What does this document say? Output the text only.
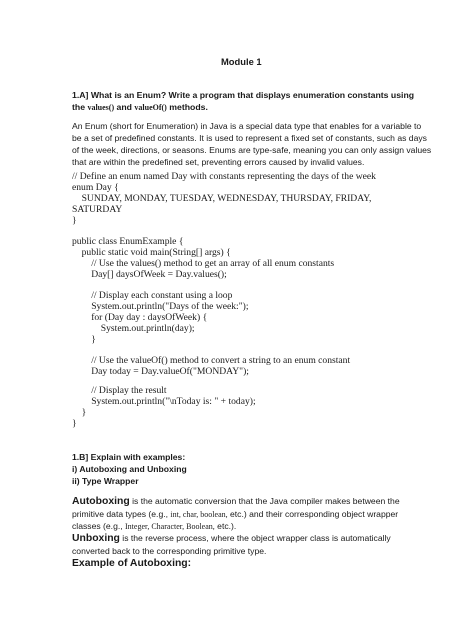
Module 1
1.A] What is an Enum? Write a program that displays enumeration constants using
the values() and valueOf() methods.
An Enum (short for Enumeration) in Java is a special data type that enables for a variable to
be a set of predefined constants. It is used to represent a fixed set of constants, such as days
of the week, directions, or seasons. Enums are type-safe, meaning you can only assign values
that are within the predefined set, preventing errors caused by invalid values.
// Define an enum named Day with constants representing the days of the week
enum Day {
SUNDAY, MONDAY, TUESDAY, WEDNESDAY, THURSDAY, FRIDAY,
SATURDAY
}
public class EnumExample {
public static void main(String[] args) {
// Use the values() method to get an array of all enum constants
Day[] daysOfWeek = Day.values();
// Display each constant using a loop
System.out.println("Days of the week:");
for (Day day : daysOfWeek) {
System.out.println(day);
}
// Use the valueOf() method to convert a string to an enum constant
Day today = Day.valueOf("MONDAY");
// Display the result
System.out.println("\nToday is: " + today);
}
}
1.B] Explain with examples:
i) Autoboxing and Unboxing
ii) Type Wrapper
Autoboxing is the automatic conversion that the Java compiler makes between the
primitive data types (e.g., int, char, boolean, etc.) and their corresponding object wrapper
classes (e.g., Integer, Character, Boolean, etc.).
Unboxing is the reverse process, where the object wrapper class is automatically
converted back to the corresponding primitive type.
Example of Autoboxing:
